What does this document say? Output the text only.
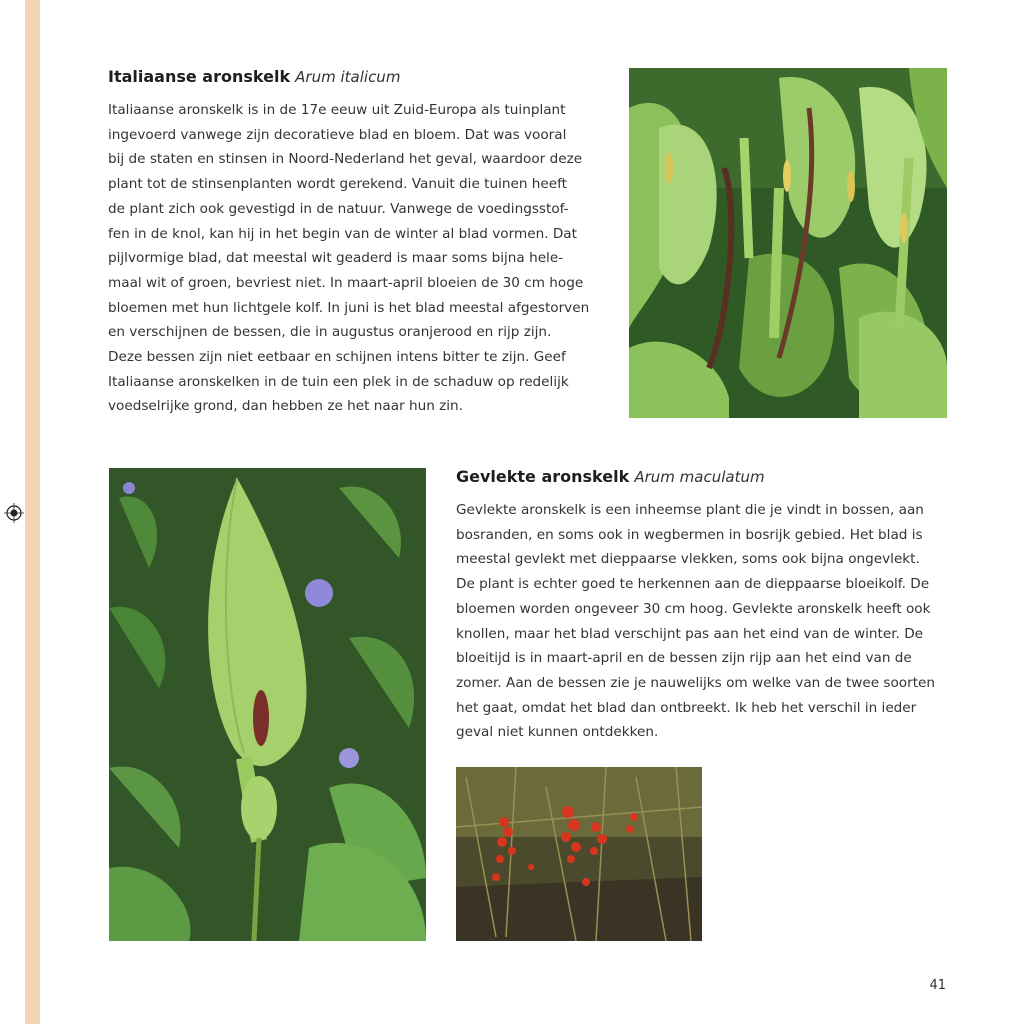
Italiaanse aronskelk Arum italicum

Italiaanse aronskelk is in de 17e eeuw uit Zuid-Europa als tuinplant
ingevoerd vanwege zijn decoratieve blad en bloem. Dat was vooral
bij de staten en stinsen in Noord-Nederland het geval, waardoor deze
plant tot de stinsenplanten wordt gerekend. Vanuit die tuinen heeft
de plant zich ook gevestigd in de natuur. Vanwege de voedingsstof-
fen in de knol, kan hij in het begin van de winter al blad vormen. Dat
pijlvormige blad, dat meestal wit geaderd is maar soms bijna hele-
maal wit of groen, bevriest niet. In maart-april bloeien de 30 cm hoge
bloemen met hun lichtgele kolf. In juni is het blad meestal afgestorven
en verschijnen de bessen, die in augustus oranjerood en rijp zijn.
Deze bessen zijn niet eetbaar en schijnen intens bitter te zijn. Geef
Italiaanse aronskelken in de tuin een plek in de schaduw op redelijk
voedselrijke grond, dan hebben ze het naar hun zin.

Gevlekte aronskelk Arum maculatum

Gevlekte aronskelk is een inheemse plant die je vindt in bossen, aan
bosranden, en soms ook in wegbermen in bosrijk gebied. Het blad is
meestal gevlekt met dieppaarse vlekken, soms ook bijna ongevlekt.
De plant is echter goed te herkennen aan de dieppaarse bloeikolf. De
bloemen worden ongeveer 30 cm hoog. Gevlekte aronskelk heeft ook
knollen, maar het blad verschijnt pas aan het eind van de winter. De
bloeitijd is in maart-april en de bessen zijn rijp aan het eind van de
zomer. Aan de bessen zie je nauwelijks om welke van de twee soorten
het gaat, omdat het blad dan ontbreekt. Ik heb het verschil in ieder
geval niet kunnen ontdekken.

41
